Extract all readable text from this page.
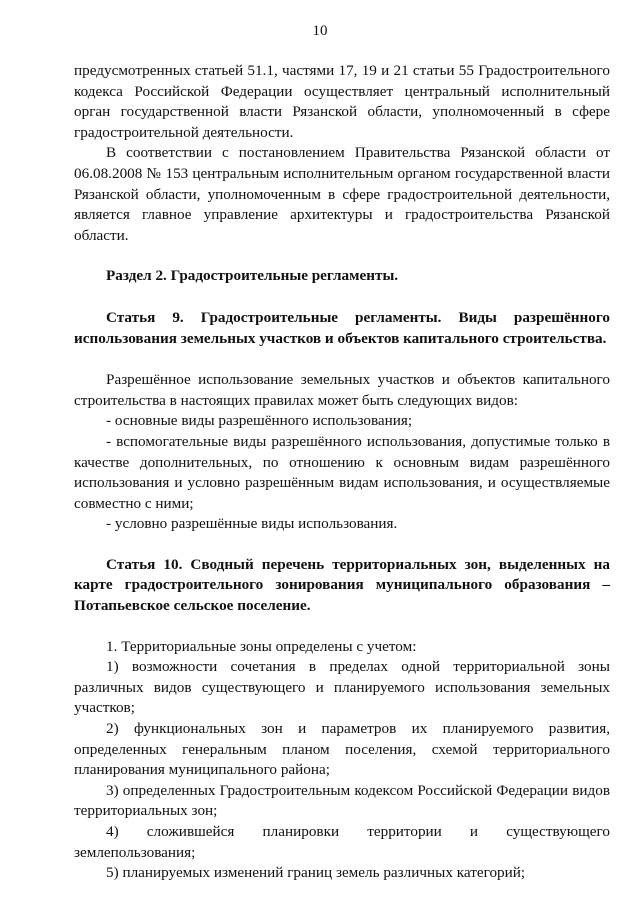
10

предусмотренных статьей 51.1, частями 17, 19 и 21 статьи 55 Градостроительного кодекса Российской Федерации осуществляет центральный исполнительный орган государственной власти Рязанской области, уполномоченный в сфере градостроительной деятельности.

В соответствии с постановлением Правительства Рязанской области от 06.08.2008 № 153 центральным исполнительным органом государственной власти Рязанской области, уполномоченным в сфере градостроительной деятельности, является главное управление архитектуры и градостроительства Рязанской области.

Раздел 2. Градостроительные регламенты.

Статья 9. Градостроительные регламенты. Виды разрешённого использования земельных участков и объектов капитального строительства.

Разрешённое использование земельных участков и объектов капитального строительства в настоящих правилах может быть следующих видов:

- основные виды разрешённого использования;

- вспомогательные виды разрешённого использования, допустимые только в качестве дополнительных, по отношению к основным видам разрешённого использования и условно разрешённым видам использования, и осуществляемые совместно с ними;

- условно разрешённые виды использования.

Статья 10. Сводный перечень территориальных зон, выделенных на карте градостроительного зонирования муниципального образования – Потапьевское сельское поселение.

1. Территориальные зоны определены с учетом:

1) возможности сочетания в пределах одной территориальной зоны различных видов существующего и планируемого использования земельных участков;

2) функциональных зон и параметров их планируемого развития, определенных генеральным планом поселения, схемой территориального планирования муниципального района;

3) определенных Градостроительным кодексом Российской Федерации видов территориальных зон;

4) сложившейся планировки территории и существующего землепользования;

5) планируемых изменений границ земель различных категорий;
